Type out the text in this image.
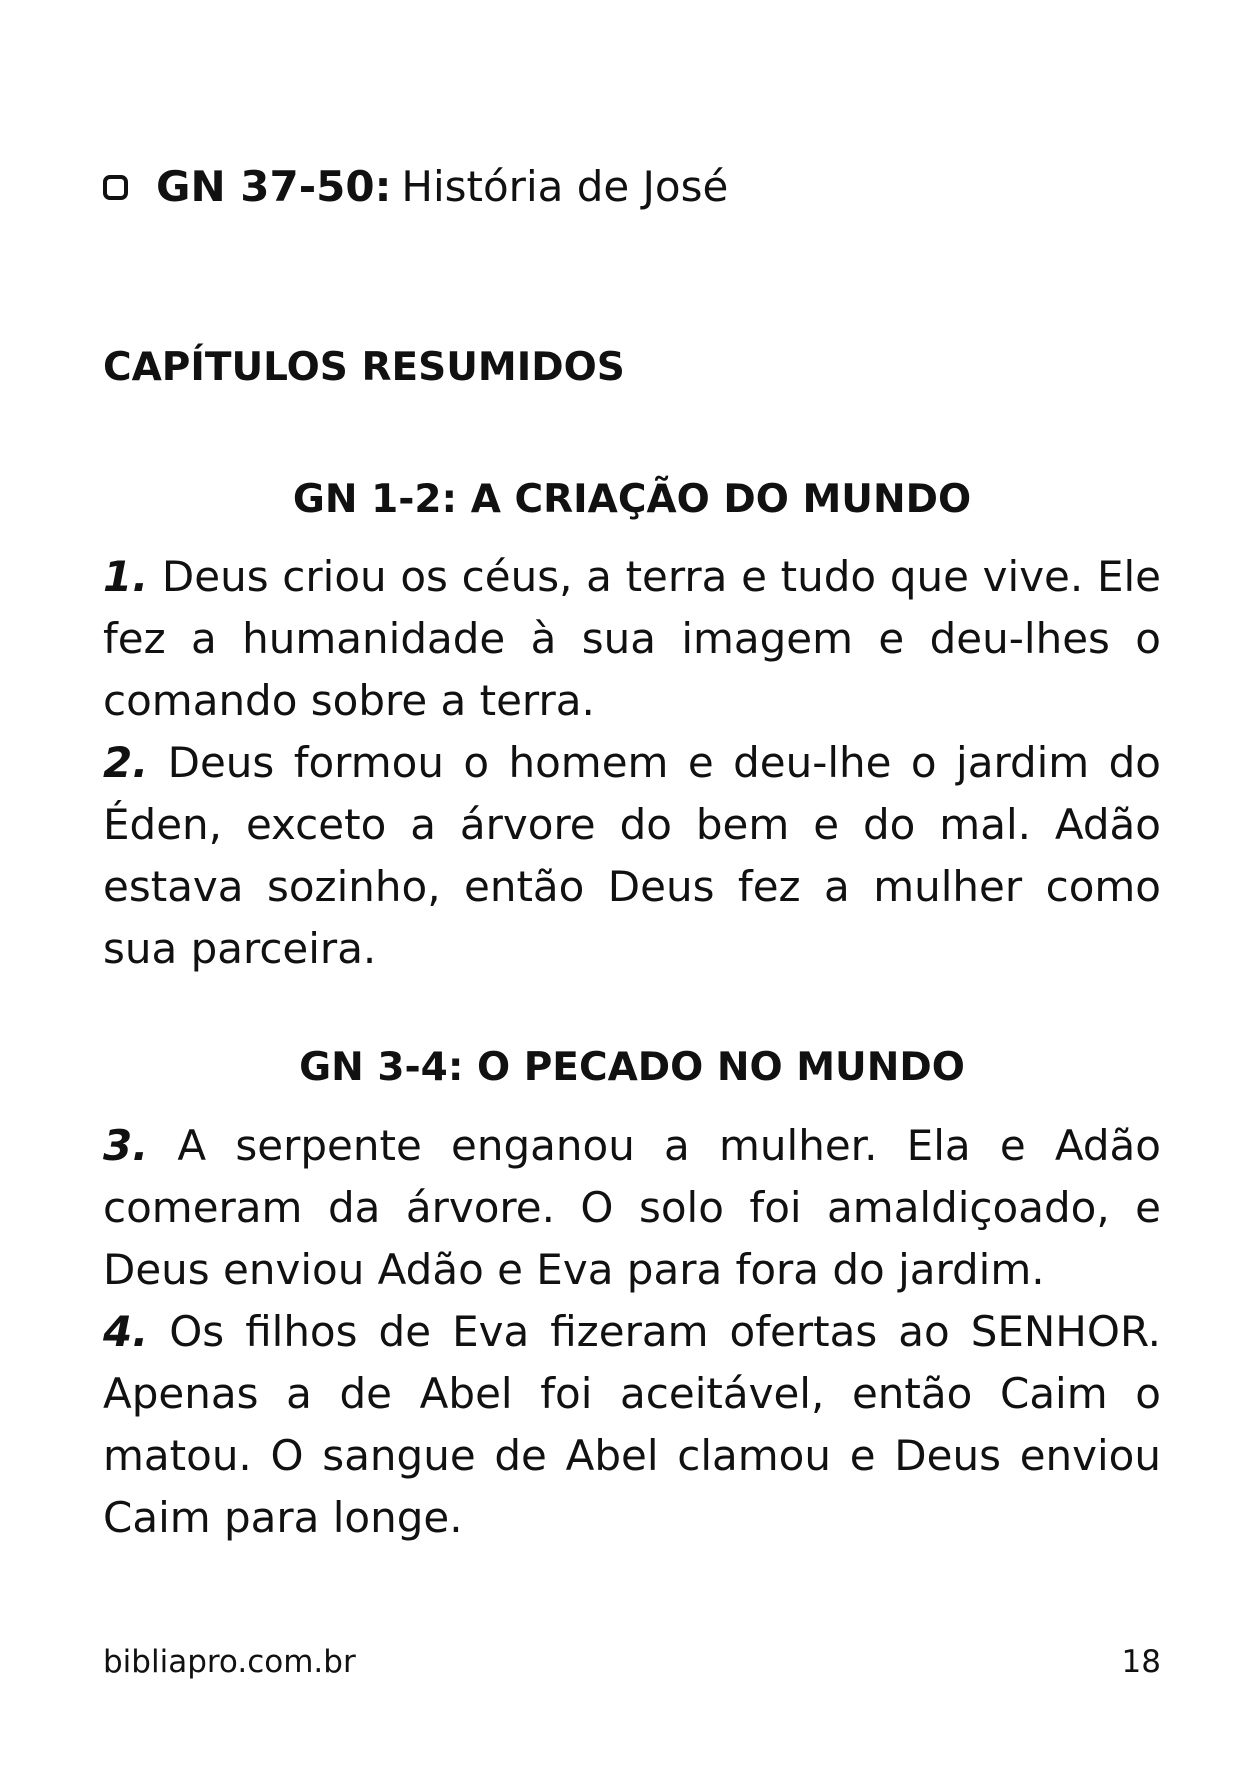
GN 37-50: História de José
CAPÍTULOS RESUMIDOS
GN 1-2: A CRIAÇÃO DO MUNDO

1. Deus criou os céus, a terra e tudo que vive. Ele fez a humanidade à sua imagem e deu-lhes o comando sobre a terra.

2. Deus formou o homem e deu-lhe o jardim do Éden, exceto a árvore do bem e do mal. Adão estava sozinho, então Deus fez a mulher como sua parceira.

GN 3-4: O PECADO NO MUNDO

3. A serpente enganou a mulher. Ela e Adão comeram da árvore. O solo foi amaldiçoado, e Deus enviou Adão e Eva para fora do jardim.

4. Os filhos de Eva fizeram ofertas ao SENHOR. Apenas a de Abel foi aceitável, então Caim o matou. O sangue de Abel clamou e Deus enviou Caim para longe.

bibliapro.com.br	18
